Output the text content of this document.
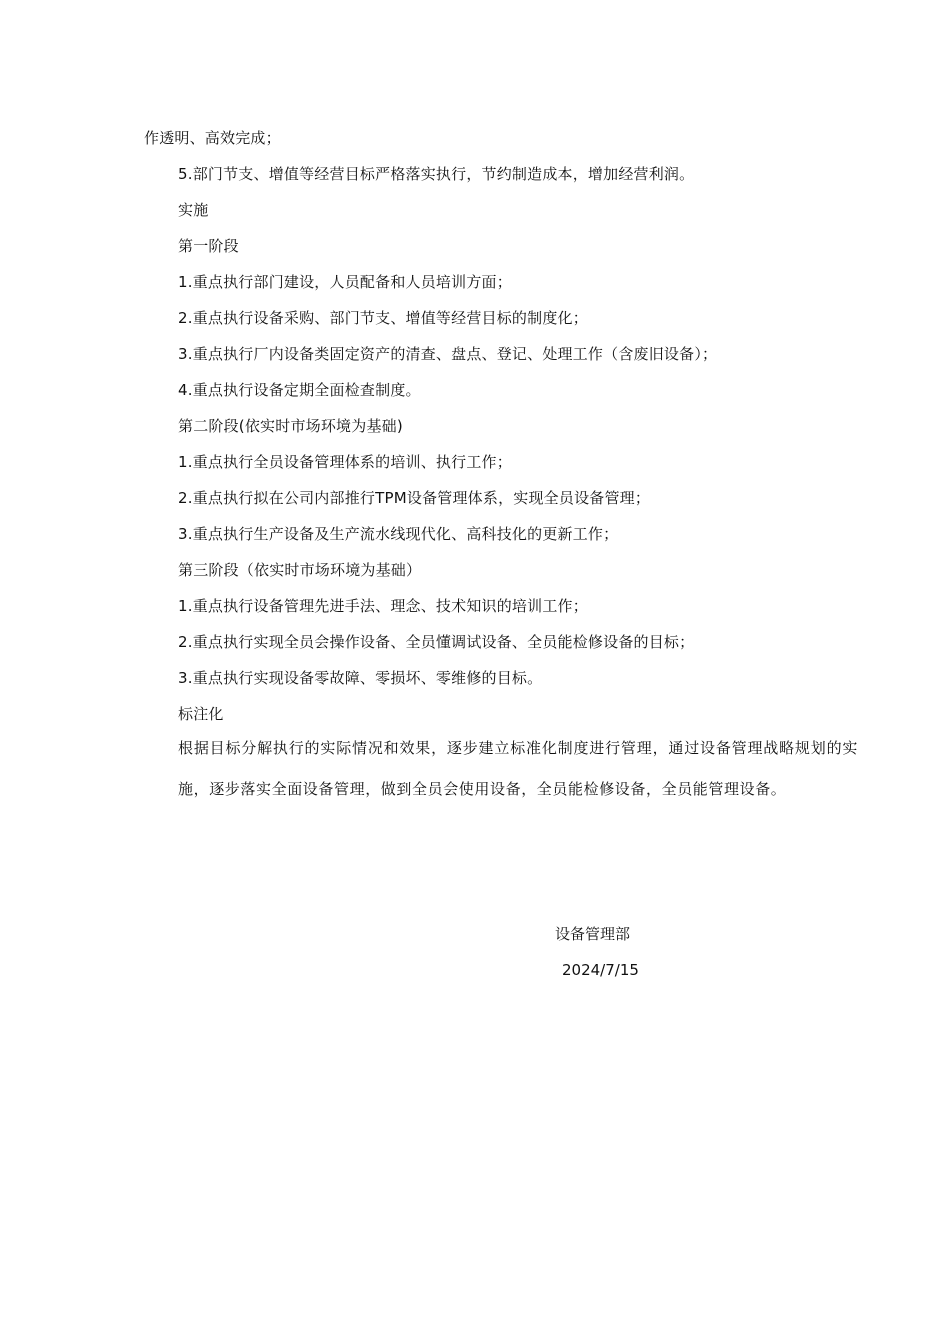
作透明、高效完成；
5.部门节支、增值等经营目标严格落实执行，节约制造成本，增加经营利润。
实施
第一阶段
1.重点执行部门建设，人员配备和人员培训方面；
2.重点执行设备采购、部门节支、增值等经营目标的制度化；
3.重点执行厂内设备类固定资产的清查、盘点、登记、处理工作（含废旧设备）；
4.重点执行设备定期全面检查制度。
第二阶段(依实时市场环境为基础)
1.重点执行全员设备管理体系的培训、执行工作；
2.重点执行拟在公司内部推行TPM设备管理体系，实现全员设备管理；
3.重点执行生产设备及生产流水线现代化、高科技化的更新工作；
第三阶段（依实时市场环境为基础）
1.重点执行设备管理先进手法、理念、技术知识的培训工作；
2.重点执行实现全员会操作设备、全员懂调试设备、全员能检修设备的目标；
3.重点执行实现设备零故障、零损坏、零维修的目标。
标注化
根据目标分解执行的实际情况和效果，逐步建立标准化制度进行管理，通过设备管理战略规划的实施，逐步落实全面设备管理，做到全员会使用设备，全员能检修设备，全员能管理设备。
设备管理部
2024/7/15
